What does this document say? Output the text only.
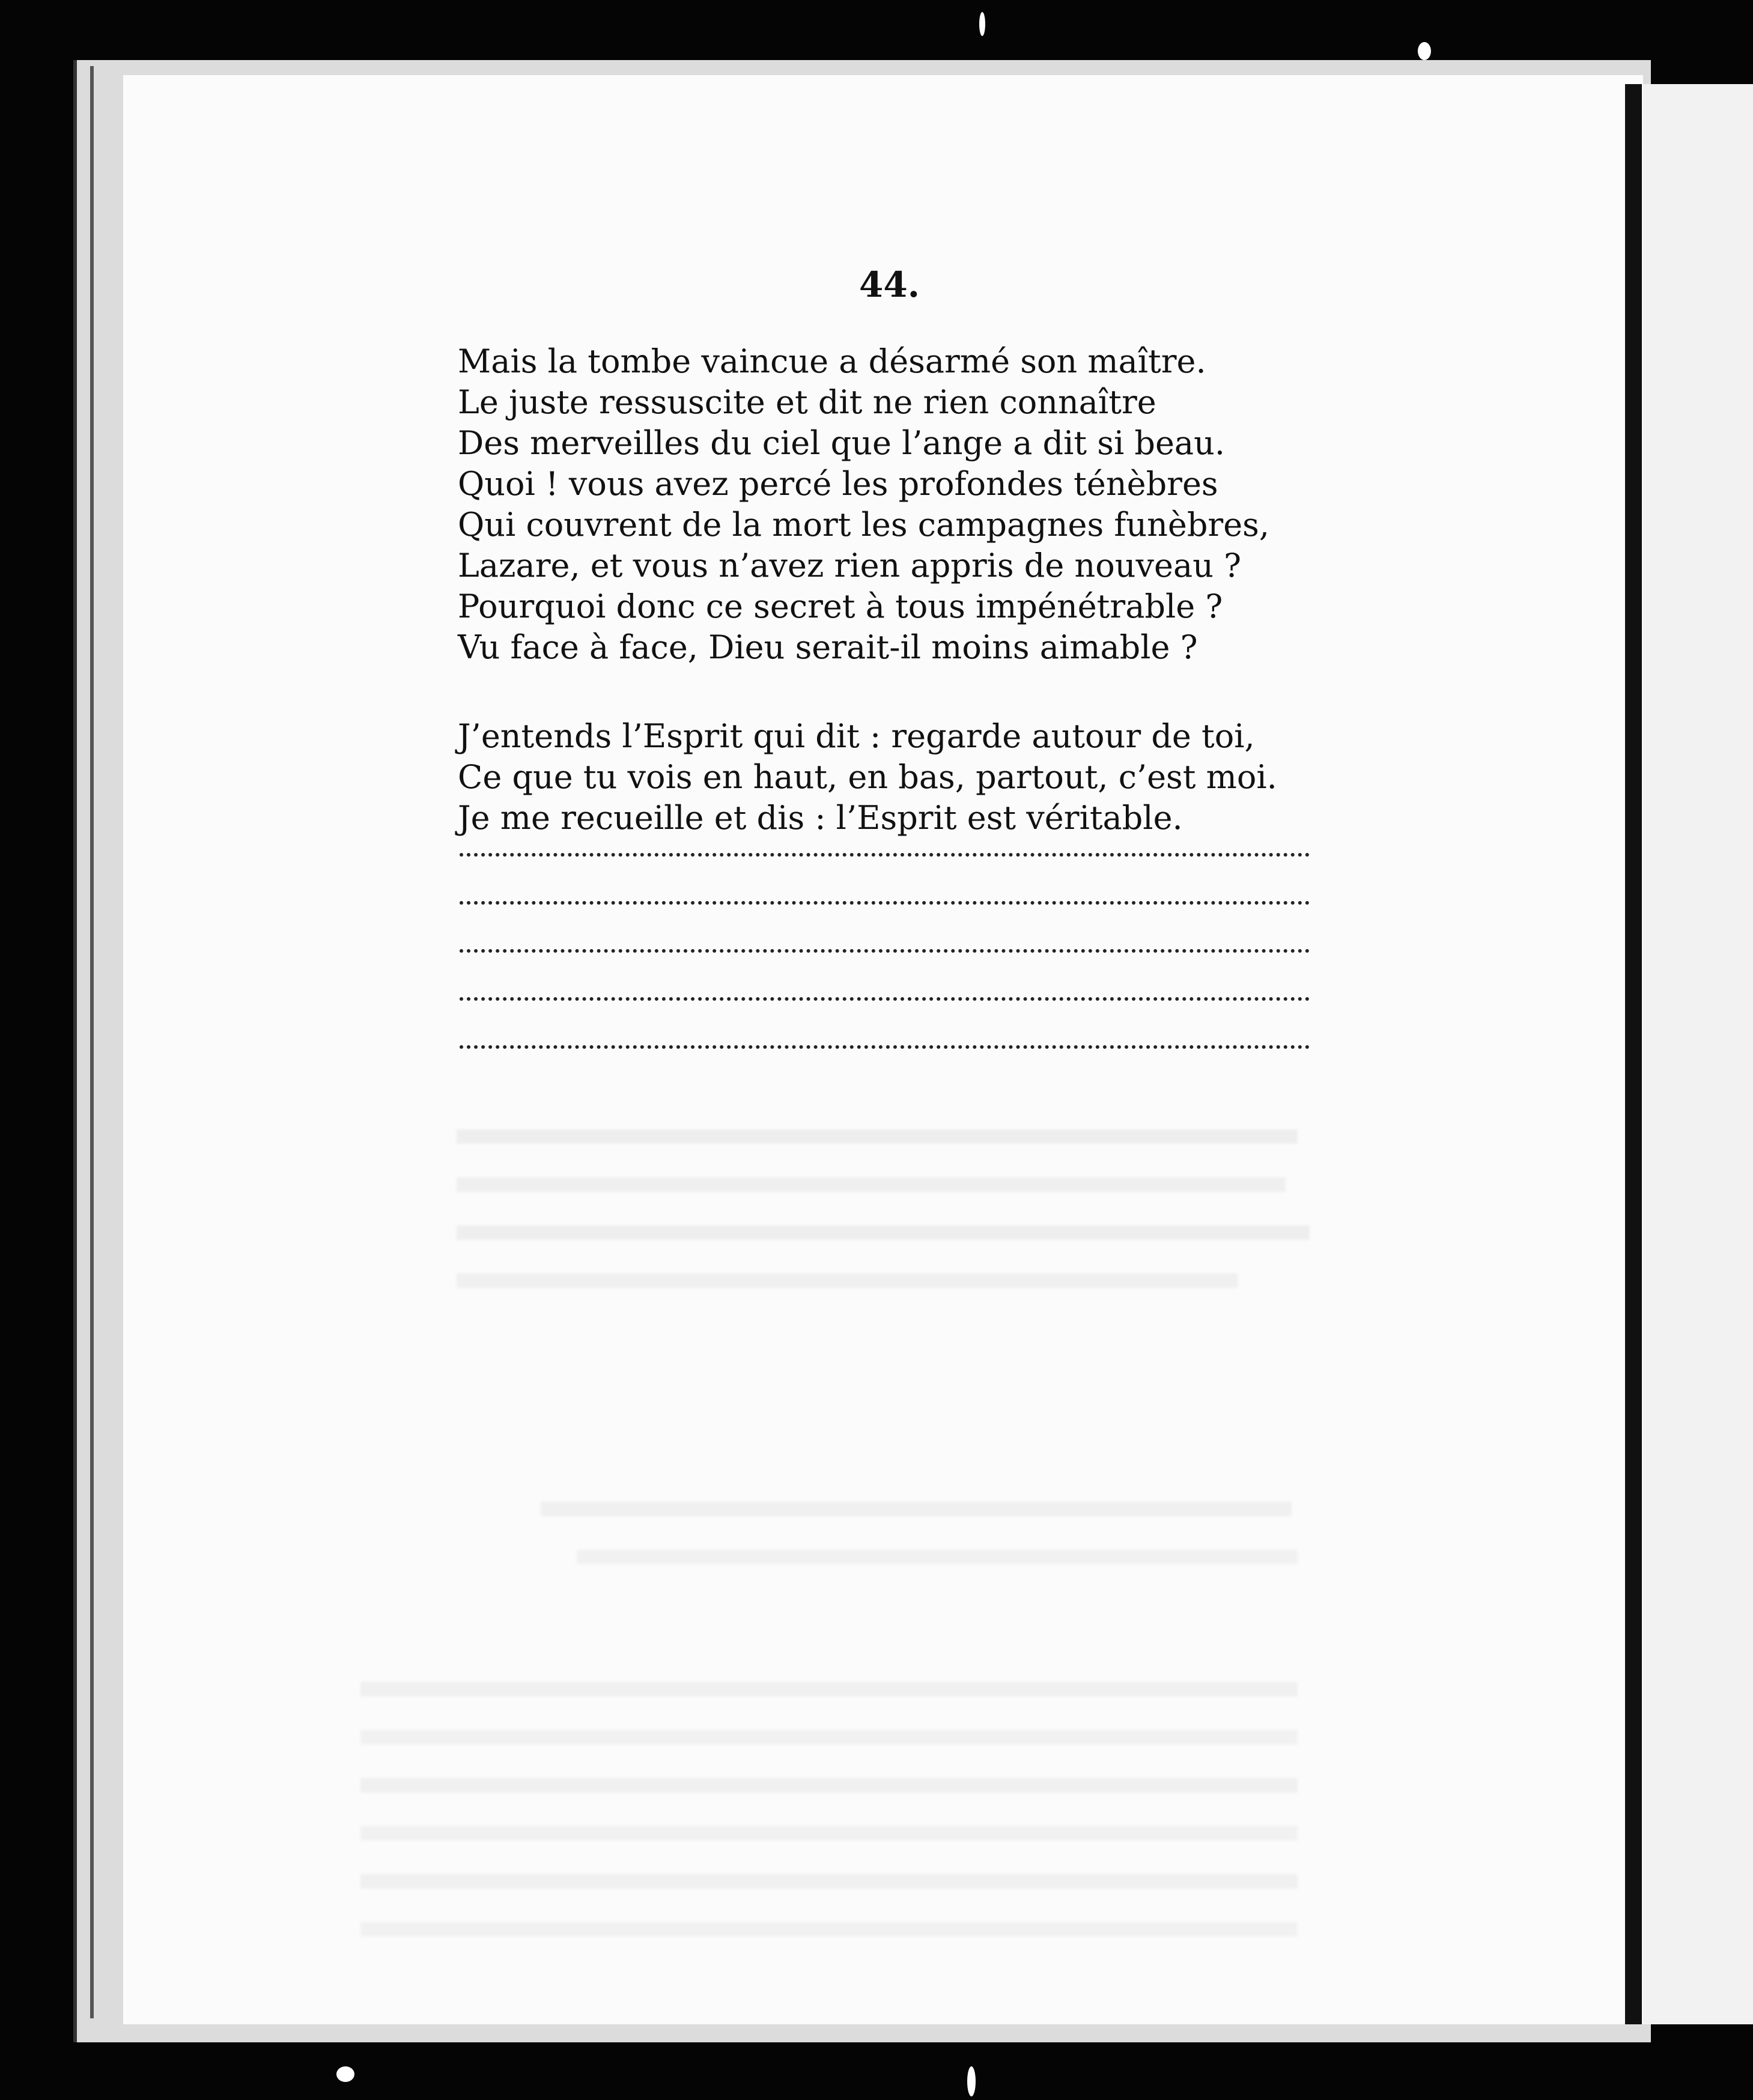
44.
Mais la tombe vaincue a désarmé son maître.
Le juste ressuscite et dit ne rien connaître
Des merveilles du ciel que l’ange a dit si beau.
Quoi ! vous avez percé les profondes ténèbres
Qui couvrent de la mort les campagnes funèbres,
Lazare, et vous n’avez rien appris de nouveau ?
Pourquoi donc ce secret à tous impénétrable ?
Vu face à face, Dieu serait-il moins aimable ?
J’entends l’Esprit qui dit : regarde autour de toi,
Ce que tu vois en haut, en bas, partout, c’est moi.
Je me recueille et dis : l’Esprit est véritable.
